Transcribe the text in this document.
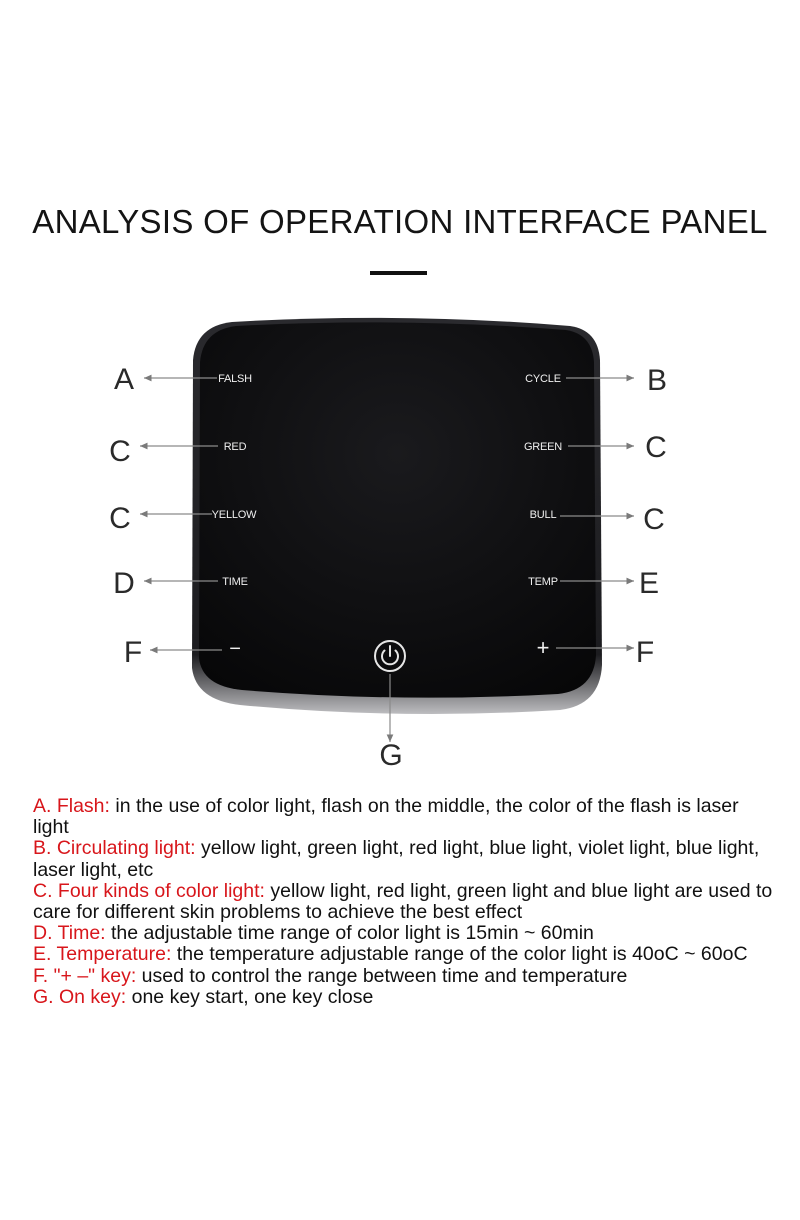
ANALYSIS OF OPERATION INTERFACE PANEL
FALSH	CYCLE
RED	GREEN
YELLOW	BULL
TIME	TEMP
−	+
A	B
C	C
C	C
D	E
F	F
G

A. Flash: in the use of color light, flash on the middle, the color of the flash is laser light

B. Circulating light: yellow light, green light, red light, blue light, violet light, blue light, laser light, etc

C. Four kinds of color light: yellow light, red light, green light and blue light are used to care for different skin problems to achieve the best effect

D. Time: the adjustable time range of color light is 15min ~ 60min

E. Temperature: the temperature adjustable range of the color light is 40oC ~ 60oC

F. "+ –" key: used to control the range between time and temperature

G. On key: one key start, one key close
